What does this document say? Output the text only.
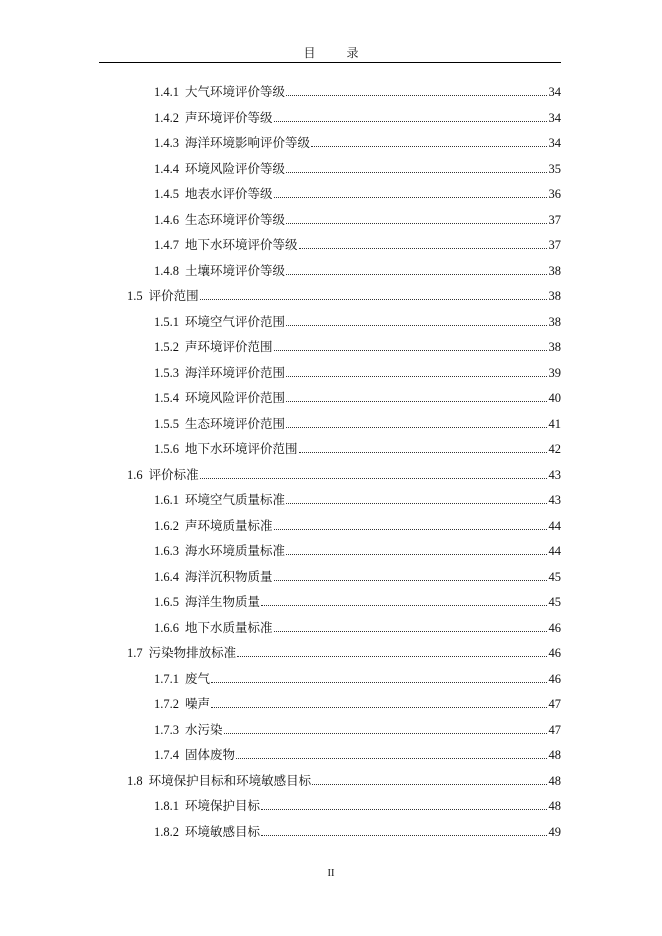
目 录
1.4.1 大气环境评价等级	34
1.4.2 声环境评价等级	34
1.4.3 海洋环境影响评价等级	34
1.4.4 环境风险评价等级	35
1.4.5 地表水评价等级	36
1.4.6 生态环境评价等级	37
1.4.7 地下水环境评价等级	37
1.4.8 土壤环境评价等级	38
1.5 评价范围	38
1.5.1 环境空气评价范围	38
1.5.2 声环境评价范围	38
1.5.3 海洋环境评价范围	39
1.5.4 环境风险评价范围	40
1.5.5 生态环境评价范围	41
1.5.6 地下水环境评价范围	42
1.6 评价标准	43
1.6.1 环境空气质量标准	43
1.6.2 声环境质量标准	44
1.6.3 海水环境质量标准	44
1.6.4 海洋沉积物质量	45
1.6.5 海洋生物质量	45
1.6.6 地下水质量标准	46
1.7 污染物排放标准	46
1.7.1 废气	46
1.7.2 噪声	47
1.7.3 水污染	47
1.7.4 固体废物	48
1.8 环境保护目标和环境敏感目标	48
1.8.1 环境保护目标	48
1.8.2 环境敏感目标	49
II
